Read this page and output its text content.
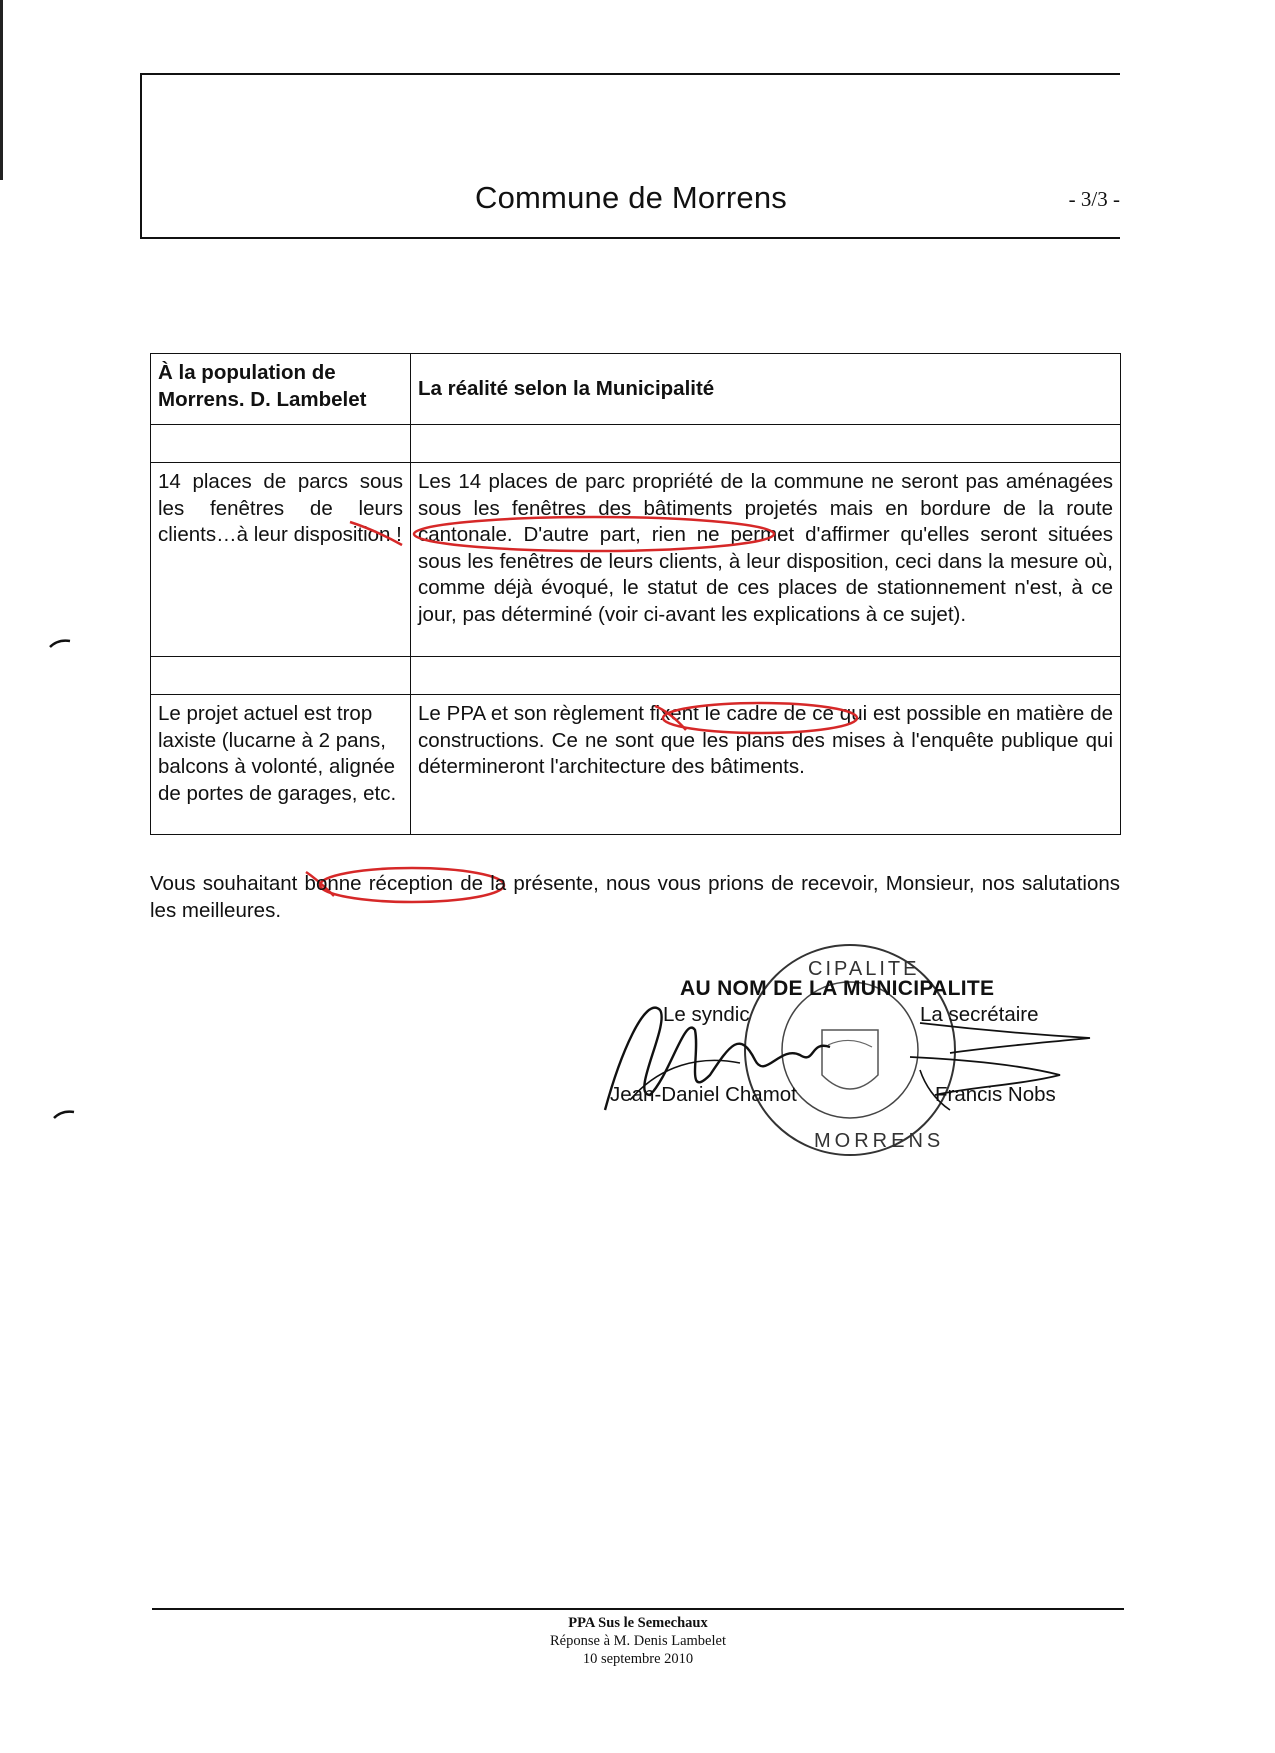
Commune de Morrens	- 3/3 -
À la population de Morrens. D. Lambelet	La réalité selon la Municipalité

14 places de parcs sous les fenêtres de leurs clients…à leur disposition !	Les 14 places de parc propriété de la commune ne seront pas aménagées sous les fenêtres des bâtiments projetés mais en bordure de la route cantonale. D'autre part, rien ne permet d'affirmer qu'elles seront situées sous les fenêtres de leurs clients, à leur disposition, ceci dans la mesure où, comme déjà évoqué, le statut de ces places de stationnement n'est, à ce jour, pas déterminé (voir ci-avant les explications à ce sujet).

Le projet actuel est trop laxiste (lucarne à 2 pans, balcons à volonté, alignée de portes de garages, etc.	Le PPA et son règlement fixent le cadre de ce qui est possible en matière de constructions. Ce ne sont que les plans des mises à l'enquête publique qui détermineront l'architecture des bâtiments.
Vous souhaitant bonne réception de la présente, nous vous prions de recevoir, Monsieur, nos salutations les meilleures.
CIPALITE
MORRENS
AU NOM DE LA MUNICIPALITE
Le syndic	La secrétaire
Jean-Daniel Chamot	Francis Nobs
PPA Sus le Semechaux
Réponse à M. Denis Lambelet
10 septembre 2010
